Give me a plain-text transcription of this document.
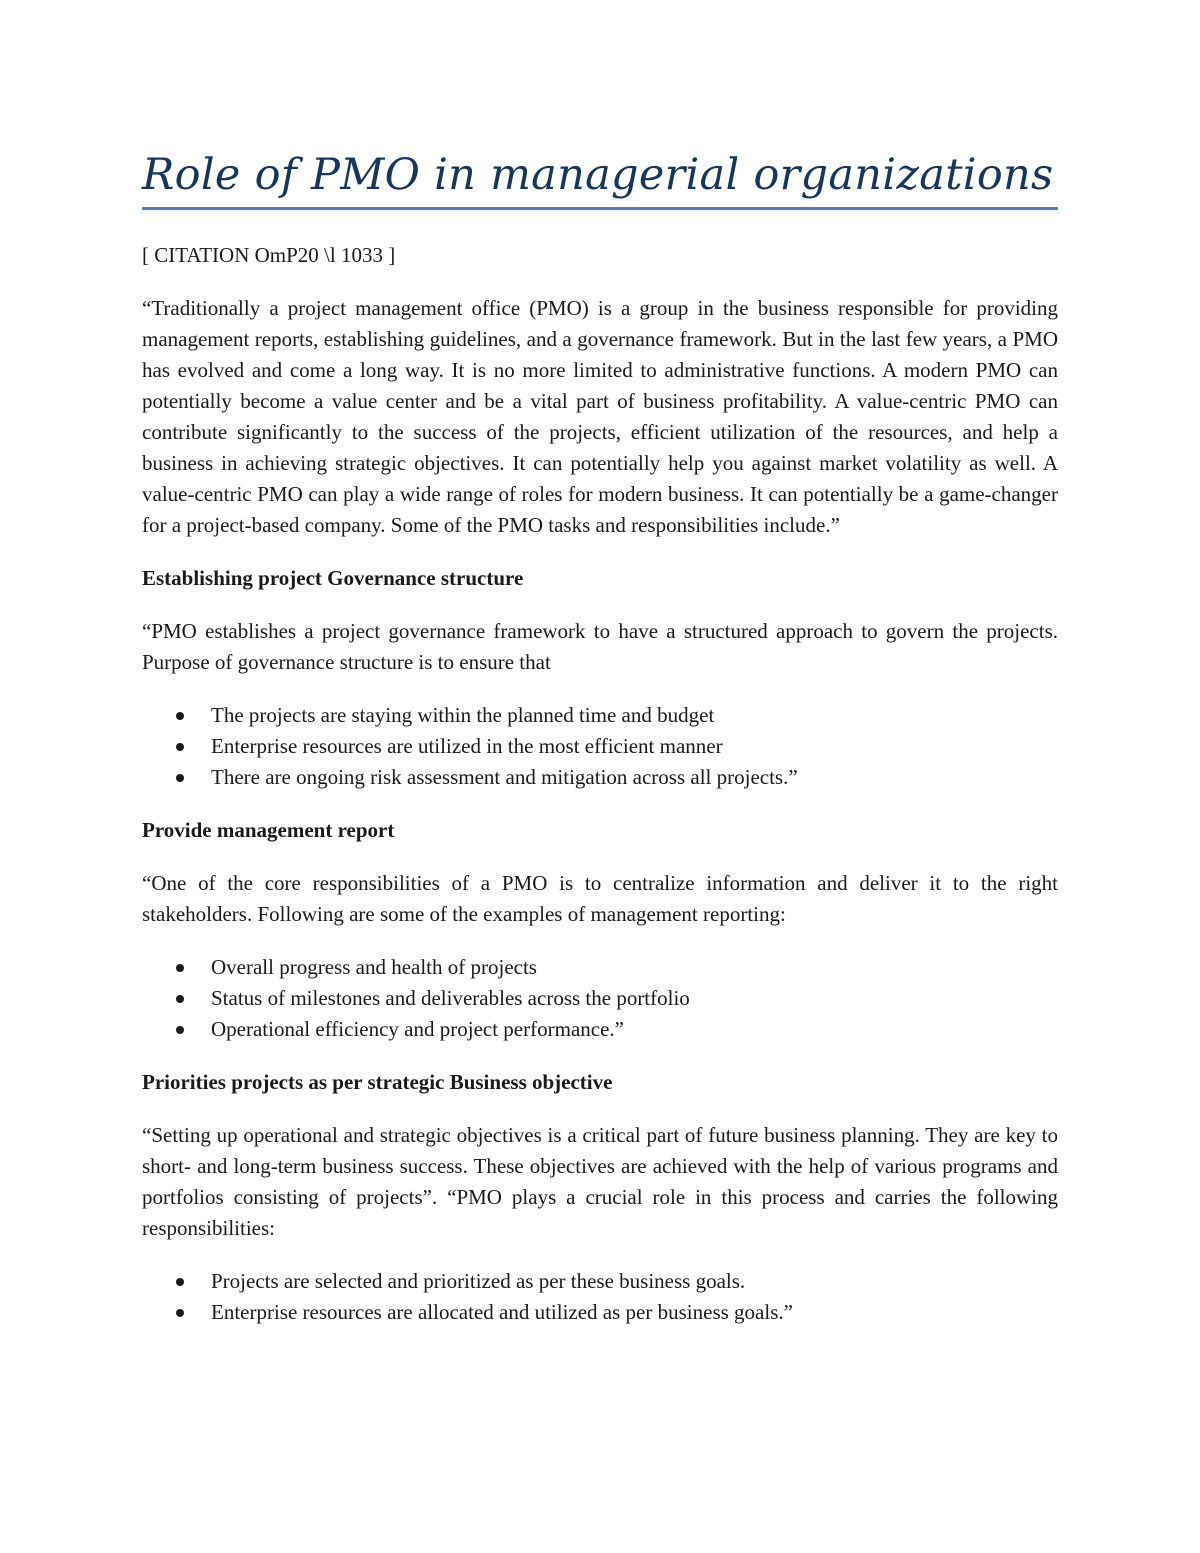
Role of PMO in managerial organizations

[ CITATION OmP20 \l 1033 ]

“Traditionally a project management office (PMO) is a group in the business responsible for providing management reports, establishing guidelines, and a governance framework. But in the last few years, a PMO has evolved and come a long way. It is no more limited to administrative functions. A modern PMO can potentially become a value center and be a vital part of business profitability. A value-centric PMO can contribute significantly to the success of the projects, efficient utilization of the resources, and help a business in achieving strategic objectives. It can potentially help you against market volatility as well. A value-centric PMO can play a wide range of roles for modern business. It can potentially be a game-changer for a project-based company. Some of the PMO tasks and responsibilities include.”

Establishing project Governance structure

“PMO establishes a project governance framework to have a structured approach to govern the projects. Purpose of governance structure is to ensure that

The projects are staying within the planned time and budget
Enterprise resources are utilized in the most efficient manner
There are ongoing risk assessment and mitigation across all projects.”
Provide management report

“One of the core responsibilities of a PMO is to centralize information and deliver it to the right stakeholders. Following are some of the examples of management reporting:

Overall progress and health of projects
Status of milestones and deliverables across the portfolio
Operational efficiency and project performance.”
Priorities projects as per strategic Business objective

“Setting up operational and strategic objectives is a critical part of future business planning. They are key to short- and long-term business success. These objectives are achieved with the help of various programs and portfolios consisting of projects”. “PMO plays a crucial role in this process and carries the following responsibilities:

Projects are selected and prioritized as per these business goals.
Enterprise resources are allocated and utilized as per business goals.”
